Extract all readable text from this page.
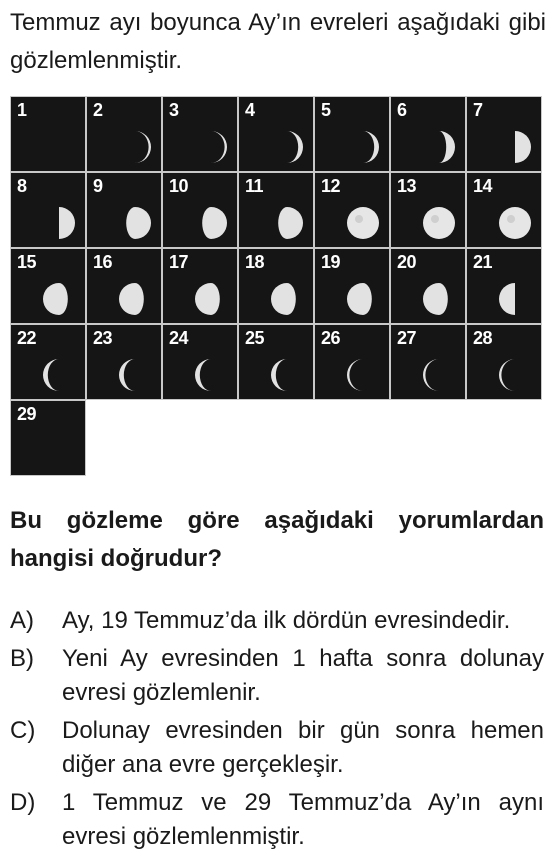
Temmuz ayı boyunca Ay’ın evreleri aşağıdaki gibi gözlemlenmiştir.

1	2	3	4	5	6	7
8	9	10	11	12	13	14
15	16	17	18	19	20	21
22	23	24	25	26	27	28
29

Bu gözleme göre aşağıdaki yorumlardan hangisi doğrudur?

A)	Ay, 19 Temmuz’da ilk dördün evresindedir.
B)	Yeni Ay evresinden 1 hafta sonra dolunay evresi gözlemlenir.
C)	Dolunay evresinden bir gün sonra hemen diğer ana evre gerçekleşir.
D)	1 Temmuz ve 29 Temmuz’da Ay’ın aynı evresi gözlemlenmiştir.
